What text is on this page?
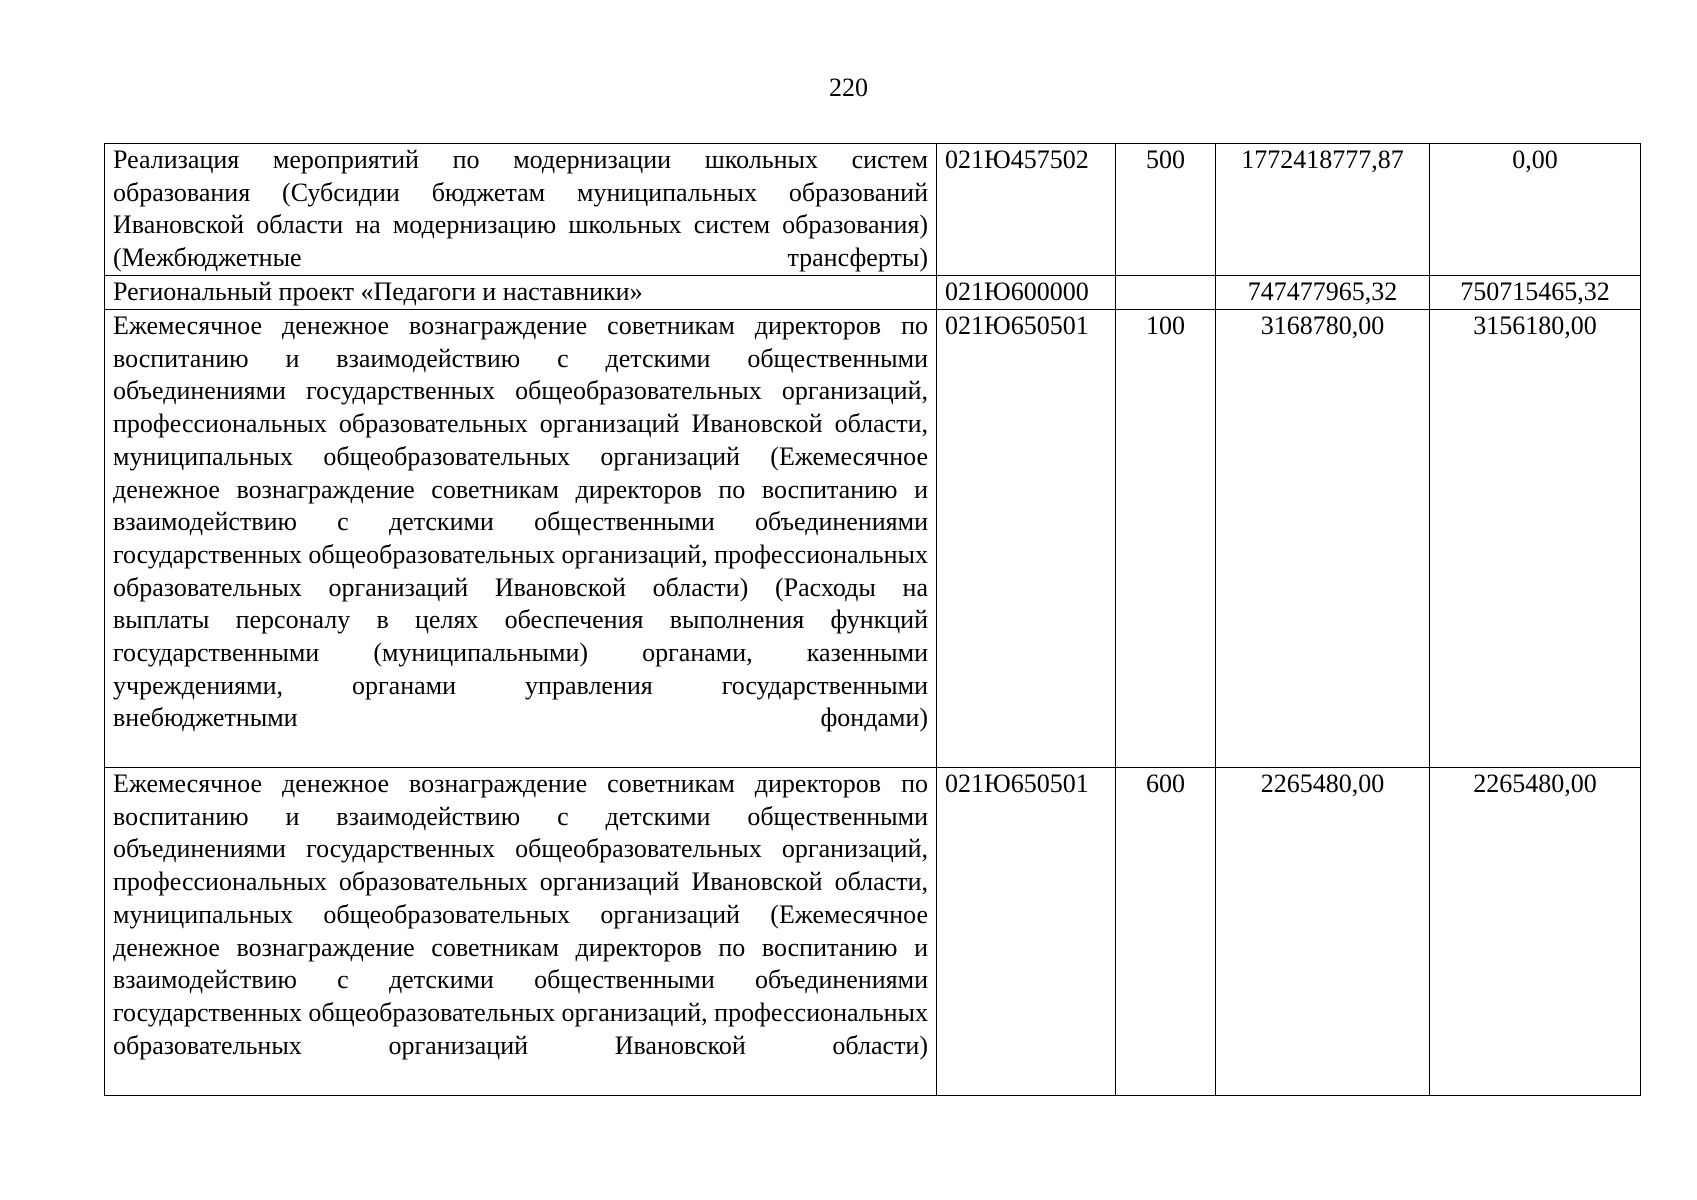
220
Реализация мероприятий по модернизации школьных систем образования (Субсидии бюджетам муниципальных образований Ивановской области на модернизацию школьных систем образования) (Межбюджетные трансферты)	021Ю457502	500	1772418777,87	0,00
Региональный проект «Педагоги и наставники»	021Ю600000		747477965,32	750715465,32
Ежемесячное денежное вознаграждение советникам директоров по воспитанию и взаимодействию с детскими общественными объединениями государственных общеобразовательных организаций, профессиональных образовательных организаций Ивановской области, муниципальных общеобразовательных организаций (Ежемесячное денежное вознаграждение советникам директоров по воспитанию и взаимодействию с детскими общественными объединениями государственных общеобразовательных организаций, профессиональных образовательных организаций Ивановской области) (Расходы на выплаты персоналу в целях обеспечения выполнения функций государственными (муниципальными) органами, казенными учреждениями, органами управления государственными внебюджетными фондами)	021Ю650501	100	3168780,00	3156180,00
Ежемесячное денежное вознаграждение советникам директоров по воспитанию и взаимодействию с детскими общественными объединениями государственных общеобразовательных организаций, профессиональных образовательных организаций Ивановской области, муниципальных общеобразовательных организаций (Ежемесячное денежное вознаграждение советникам директоров по воспитанию и взаимодействию с детскими общественными объединениями государственных общеобразовательных организаций, профессиональных образовательных организаций Ивановской области)	021Ю650501	600	2265480,00	2265480,00
